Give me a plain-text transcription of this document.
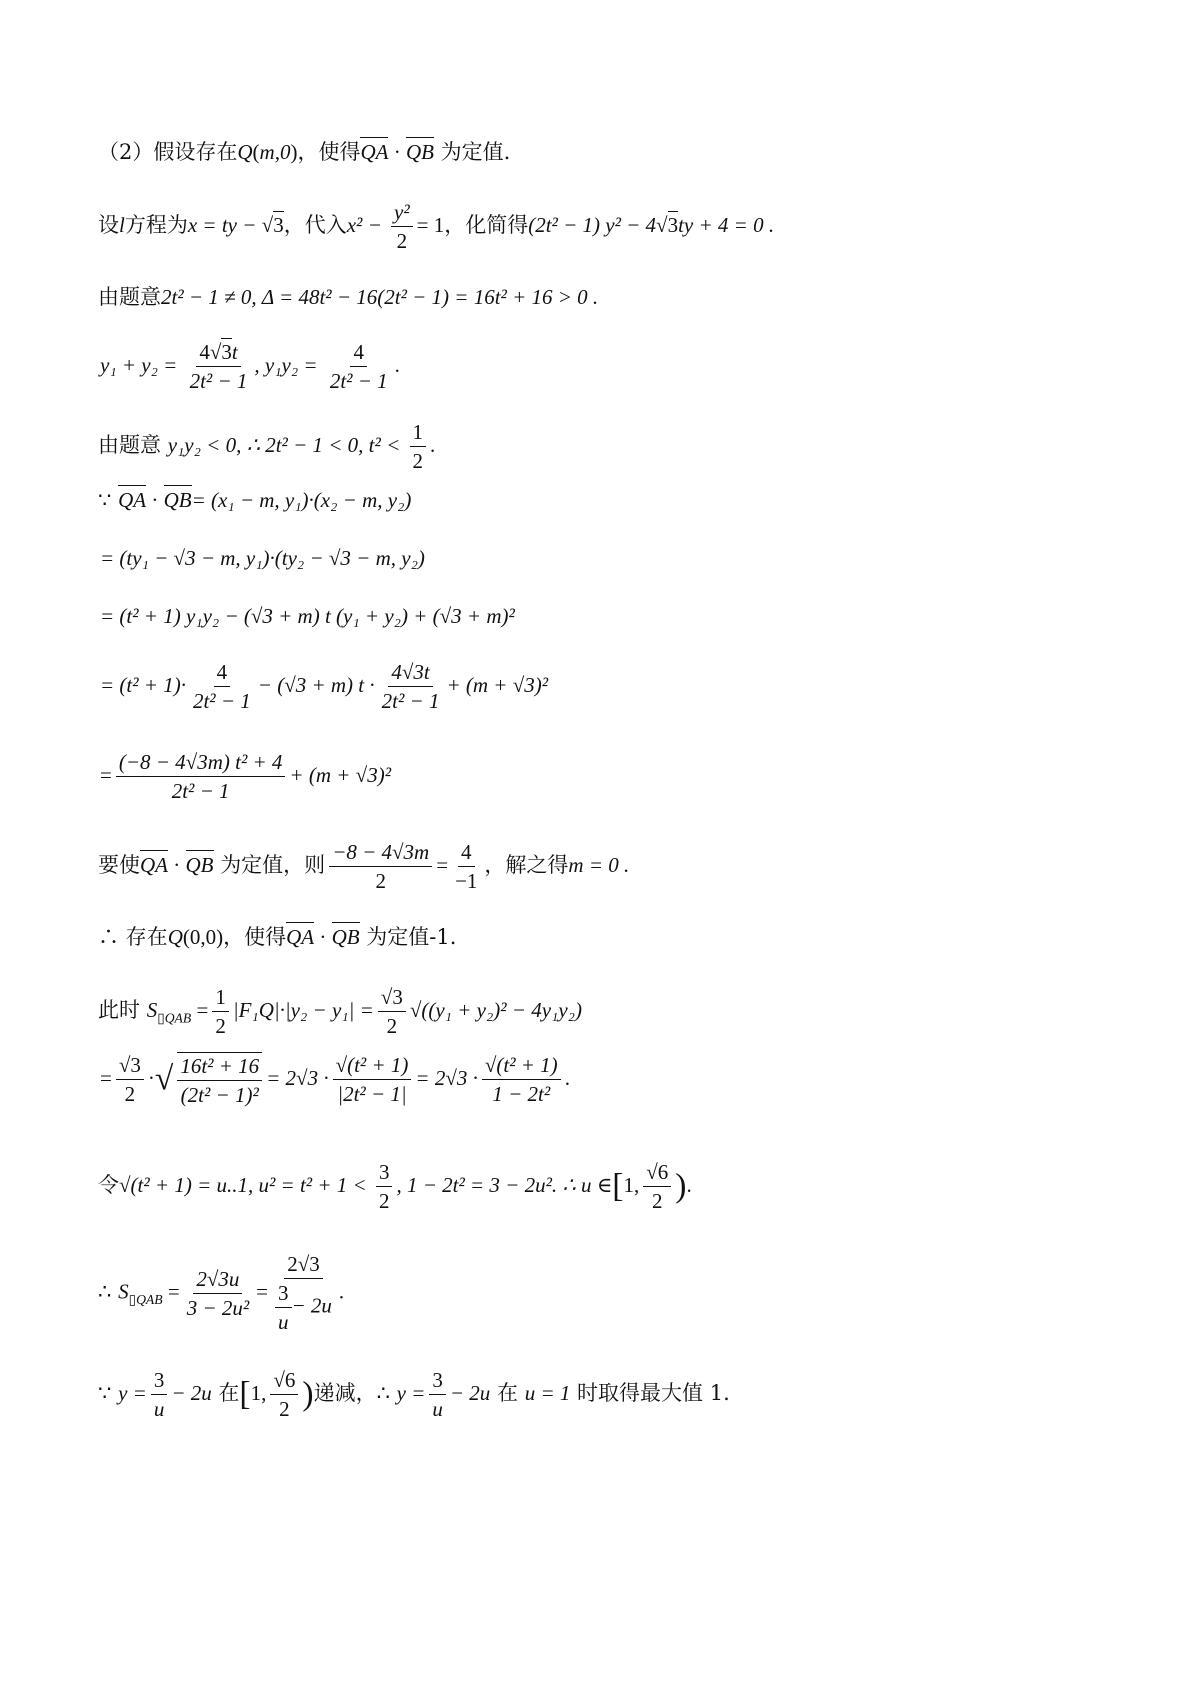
（2）假设存在Q(m,0)，使得QA · QB 为定值.
设l方程为x = ty − √3，代入$x^2 - \frac{\text{y²}}{2} = 1$，化简得(2t² − 1) y² − 4√3ty + 4 = 0 .
由题意2t² − 1 ≠ 0, Δ = 48t² − 16(2t² − 1) = 16t² + 16 > 0 .
$y_1 + y_2 = \frac{4√3t}{\text{2t² − 1}}$ , $y_1y_2 = \frac{4}{\text{2t² − 1}}$ .
由题意 y₁y₂ < 0, ∴ 2t² − 1 < 0, $t^2 < \frac{1}{2}$ .
∵ QA · QB= (x₁ − m, y₁)·(x₂ − m, y₂)
= (ty₁ − √3 − m, y₁)·(ty₂ − √3 − m, y₂)
= (t² + 1) y₁y₂ − (√3 + m) t (y₁ + y₂) + (√3 + m)²
= $(t^2 + 1)\cdot \frac{4}{\text{2t² − 1}} - (√3 + m) t \cdot \frac{4√3t}{\text{2t² − 1}} + (m + √3)^2$
= $\frac{\text{(−8 − 4√3m) t² + 4}}{\text{2t² − 1}} + (m + √3)^2$
要使QA · QB 为定值，则 $\frac{-8 - 4√3m}{2} = \frac{4}{-1}$ ，解之得m = 0 .
∴ 存在Q(0,0)，使得QA · QB 为定值-1.
此时 $S_{▯QAB} = \frac{1}{2} |F_1Q|\cdot|y_2 - y_1| = \frac{√3}{2} √((y_1 + y_2)^2 - 4y_1y_2)$
= $\frac{√3}{2}$ ·√ $\frac{\text{16t² + 16}}{\text{(2t² − 1)²}} = 2√3 \cdot \frac{\text{√(t² + 1)}}{\text{|2t² − 1|}} = 2√3 \cdot \frac{\text{√(t² + 1)}}{\text{1 − 2t²}}$ .
令√(t² + 1) = u..1, $u^2 = t^2 + 1 < \frac{3}{2}$ , 1 − 2t² = 3 − 2u². ∴ u ∈[1, $\frac{√6}{2}$ ).
∴ $S_{▯QAB} = \frac{2√3u}{\text{3 − 2u²}} = \frac{2√3}{\frac{3}{u} - 2u}$ .
∵ $y = \frac{3}{u} - 2u$ 在[1, $\frac{√6}{2}$ )递减，∴ $y = \frac{3}{u} - 2u$ 在 u = 1 时取得最大值 1.
